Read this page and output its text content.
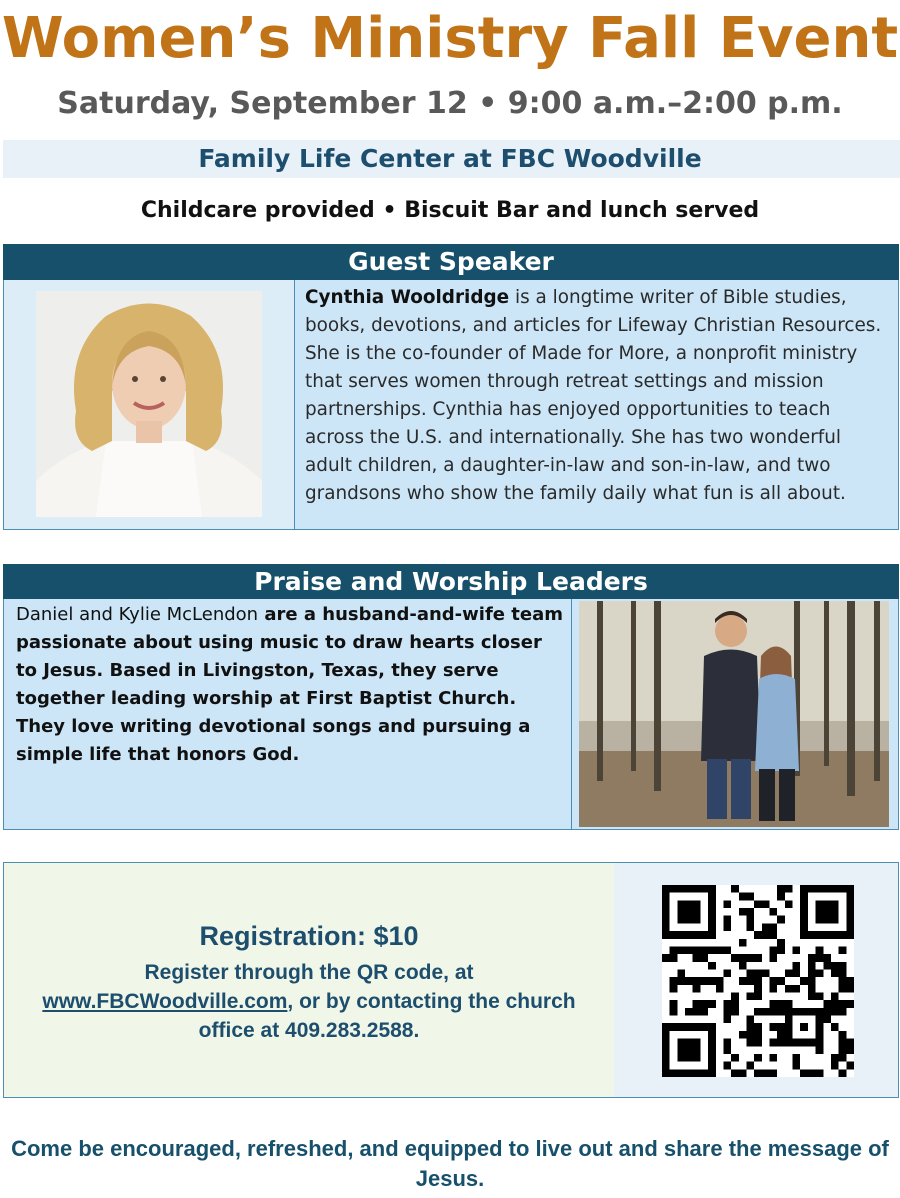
Women’s Ministry Fall Event
Saturday, September 12 • 9:00 a.m.–2:00 p.m.
Family Life Center at FBC Woodville
Childcare provided • Biscuit Bar and lunch served
Guest Speaker
Cynthia Wooldridge is a longtime writer of Bible studies, books, devotions, and articles for Lifeway Christian Resources. She is the co-founder of Made for More, a nonprofit ministry that serves women through retreat settings and mission partnerships. Cynthia has enjoyed opportunities to teach across the U.S. and internationally. She has two wonderful adult children, a daughter-in-law and son-in-law, and two grandsons who show the family daily what fun is all about.
Praise and Worship Leaders
Daniel and Kylie McLendon are a husband-and-wife team passionate about using music to draw hearts closer to Jesus. Based in Livingston, Texas, they serve together leading worship at First Baptist Church. They love writing devotional songs and pursuing a simple life that honors God.
Registration: $10
Register through the QR code, at
www.FBCWoodville.com, or by contacting the church office at 409.283.2588.
Come be encouraged, refreshed, and equipped to live out and share the message of Jesus.
